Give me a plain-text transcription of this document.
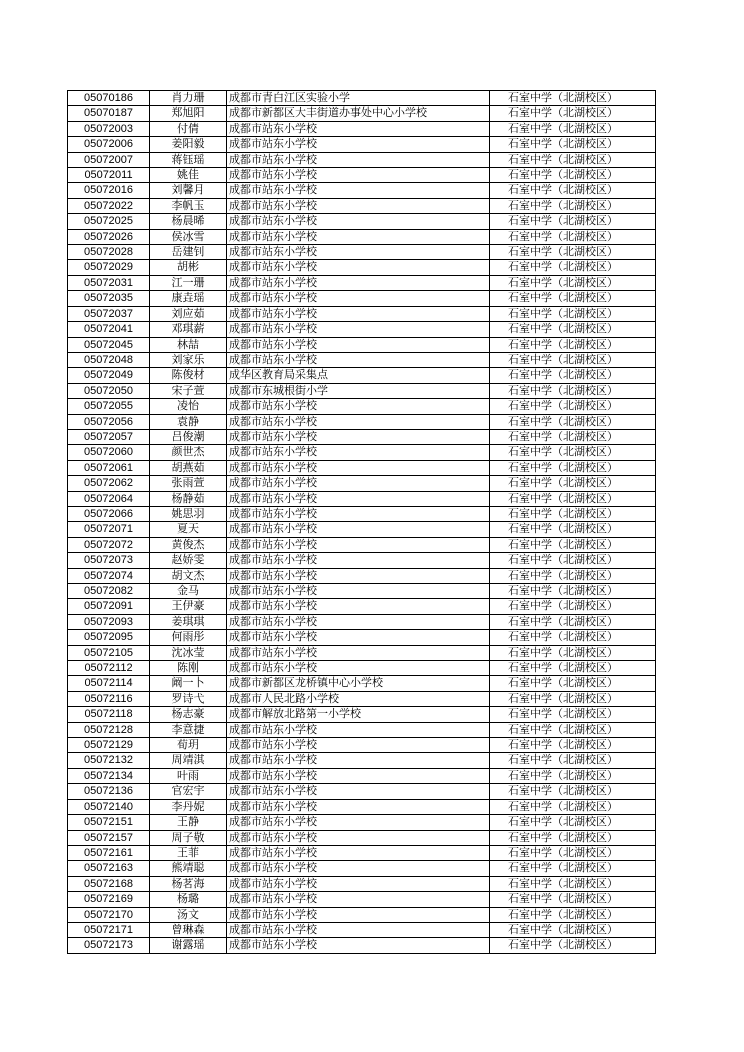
05070186	肖力珊	成都市青白江区实验小学	石室中学（北湖校区）
05070187	郑旭阳	成都市新都区大丰街道办事处中心小学校	石室中学（北湖校区）
05072003	付倩	成都市站东小学校	石室中学（北湖校区）
05072006	姜阳毅	成都市站东小学校	石室中学（北湖校区）
05072007	蒋钰瑶	成都市站东小学校	石室中学（北湖校区）
05072011	姚佳	成都市站东小学校	石室中学（北湖校区）
05072016	刘馨月	成都市站东小学校	石室中学（北湖校区）
05072022	李帆玉	成都市站东小学校	石室中学（北湖校区）
05072025	杨晨晞	成都市站东小学校	石室中学（北湖校区）
05072026	侯冰雪	成都市站东小学校	石室中学（北湖校区）
05072028	岳建钊	成都市站东小学校	石室中学（北湖校区）
05072029	胡彬	成都市站东小学校	石室中学（北湖校区）
05072031	江一珊	成都市站东小学校	石室中学（北湖校区）
05072035	康垚瑶	成都市站东小学校	石室中学（北湖校区）
05072037	刘应茹	成都市站东小学校	石室中学（北湖校区）
05072041	邓琪薪	成都市站东小学校	石室中学（北湖校区）
05072045	林喆	成都市站东小学校	石室中学（北湖校区）
05072048	刘家乐	成都市站东小学校	石室中学（北湖校区）
05072049	陈俊材	成华区教育局采集点	石室中学（北湖校区）
05072050	宋子萱	成都市东城根街小学	石室中学（北湖校区）
05072055	凌怡	成都市站东小学校	石室中学（北湖校区）
05072056	袁静	成都市站东小学校	石室中学（北湖校区）
05072057	吕俊潮	成都市站东小学校	石室中学（北湖校区）
05072060	颜世杰	成都市站东小学校	石室中学（北湖校区）
05072061	胡燕茹	成都市站东小学校	石室中学（北湖校区）
05072062	张雨萱	成都市站东小学校	石室中学（北湖校区）
05072064	杨静茹	成都市站东小学校	石室中学（北湖校区）
05072066	姚思羽	成都市站东小学校	石室中学（北湖校区）
05072071	夏天	成都市站东小学校	石室中学（北湖校区）
05072072	黄俊杰	成都市站东小学校	石室中学（北湖校区）
05072073	赵娇雯	成都市站东小学校	石室中学（北湖校区）
05072074	胡文杰	成都市站东小学校	石室中学（北湖校区）
05072082	金马	成都市站东小学校	石室中学（北湖校区）
05072091	王伊豪	成都市站东小学校	石室中学（北湖校区）
05072093	姜琪琪	成都市站东小学校	石室中学（北湖校区）
05072095	何雨彤	成都市站东小学校	石室中学（北湖校区）
05072105	沈冰莹	成都市站东小学校	石室中学（北湖校区）
05072112	陈刚	成都市站东小学校	石室中学（北湖校区）
05072114	阚一卜	成都市新都区龙桥镇中心小学校	石室中学（北湖校区）
05072116	罗诗弋	成都市人民北路小学校	石室中学（北湖校区）
05072118	杨志豪	成都市解放北路第一小学校	石室中学（北湖校区）
05072128	李意捷	成都市站东小学校	石室中学（北湖校区）
05072129	荀玥	成都市站东小学校	石室中学（北湖校区）
05072132	周靖淇	成都市站东小学校	石室中学（北湖校区）
05072134	叶雨	成都市站东小学校	石室中学（北湖校区）
05072136	官宏宇	成都市站东小学校	石室中学（北湖校区）
05072140	李丹妮	成都市站东小学校	石室中学（北湖校区）
05072151	王静	成都市站东小学校	石室中学（北湖校区）
05072157	周子敬	成都市站东小学校	石室中学（北湖校区）
05072161	王菲	成都市站东小学校	石室中学（北湖校区）
05072163	熊靖聪	成都市站东小学校	石室中学（北湖校区）
05072168	杨茗海	成都市站东小学校	石室中学（北湖校区）
05072169	杨璐	成都市站东小学校	石室中学（北湖校区）
05072170	汤文	成都市站东小学校	石室中学（北湖校区）
05072171	曾琳森	成都市站东小学校	石室中学（北湖校区）
05072173	谢露瑶	成都市站东小学校	石室中学（北湖校区）
